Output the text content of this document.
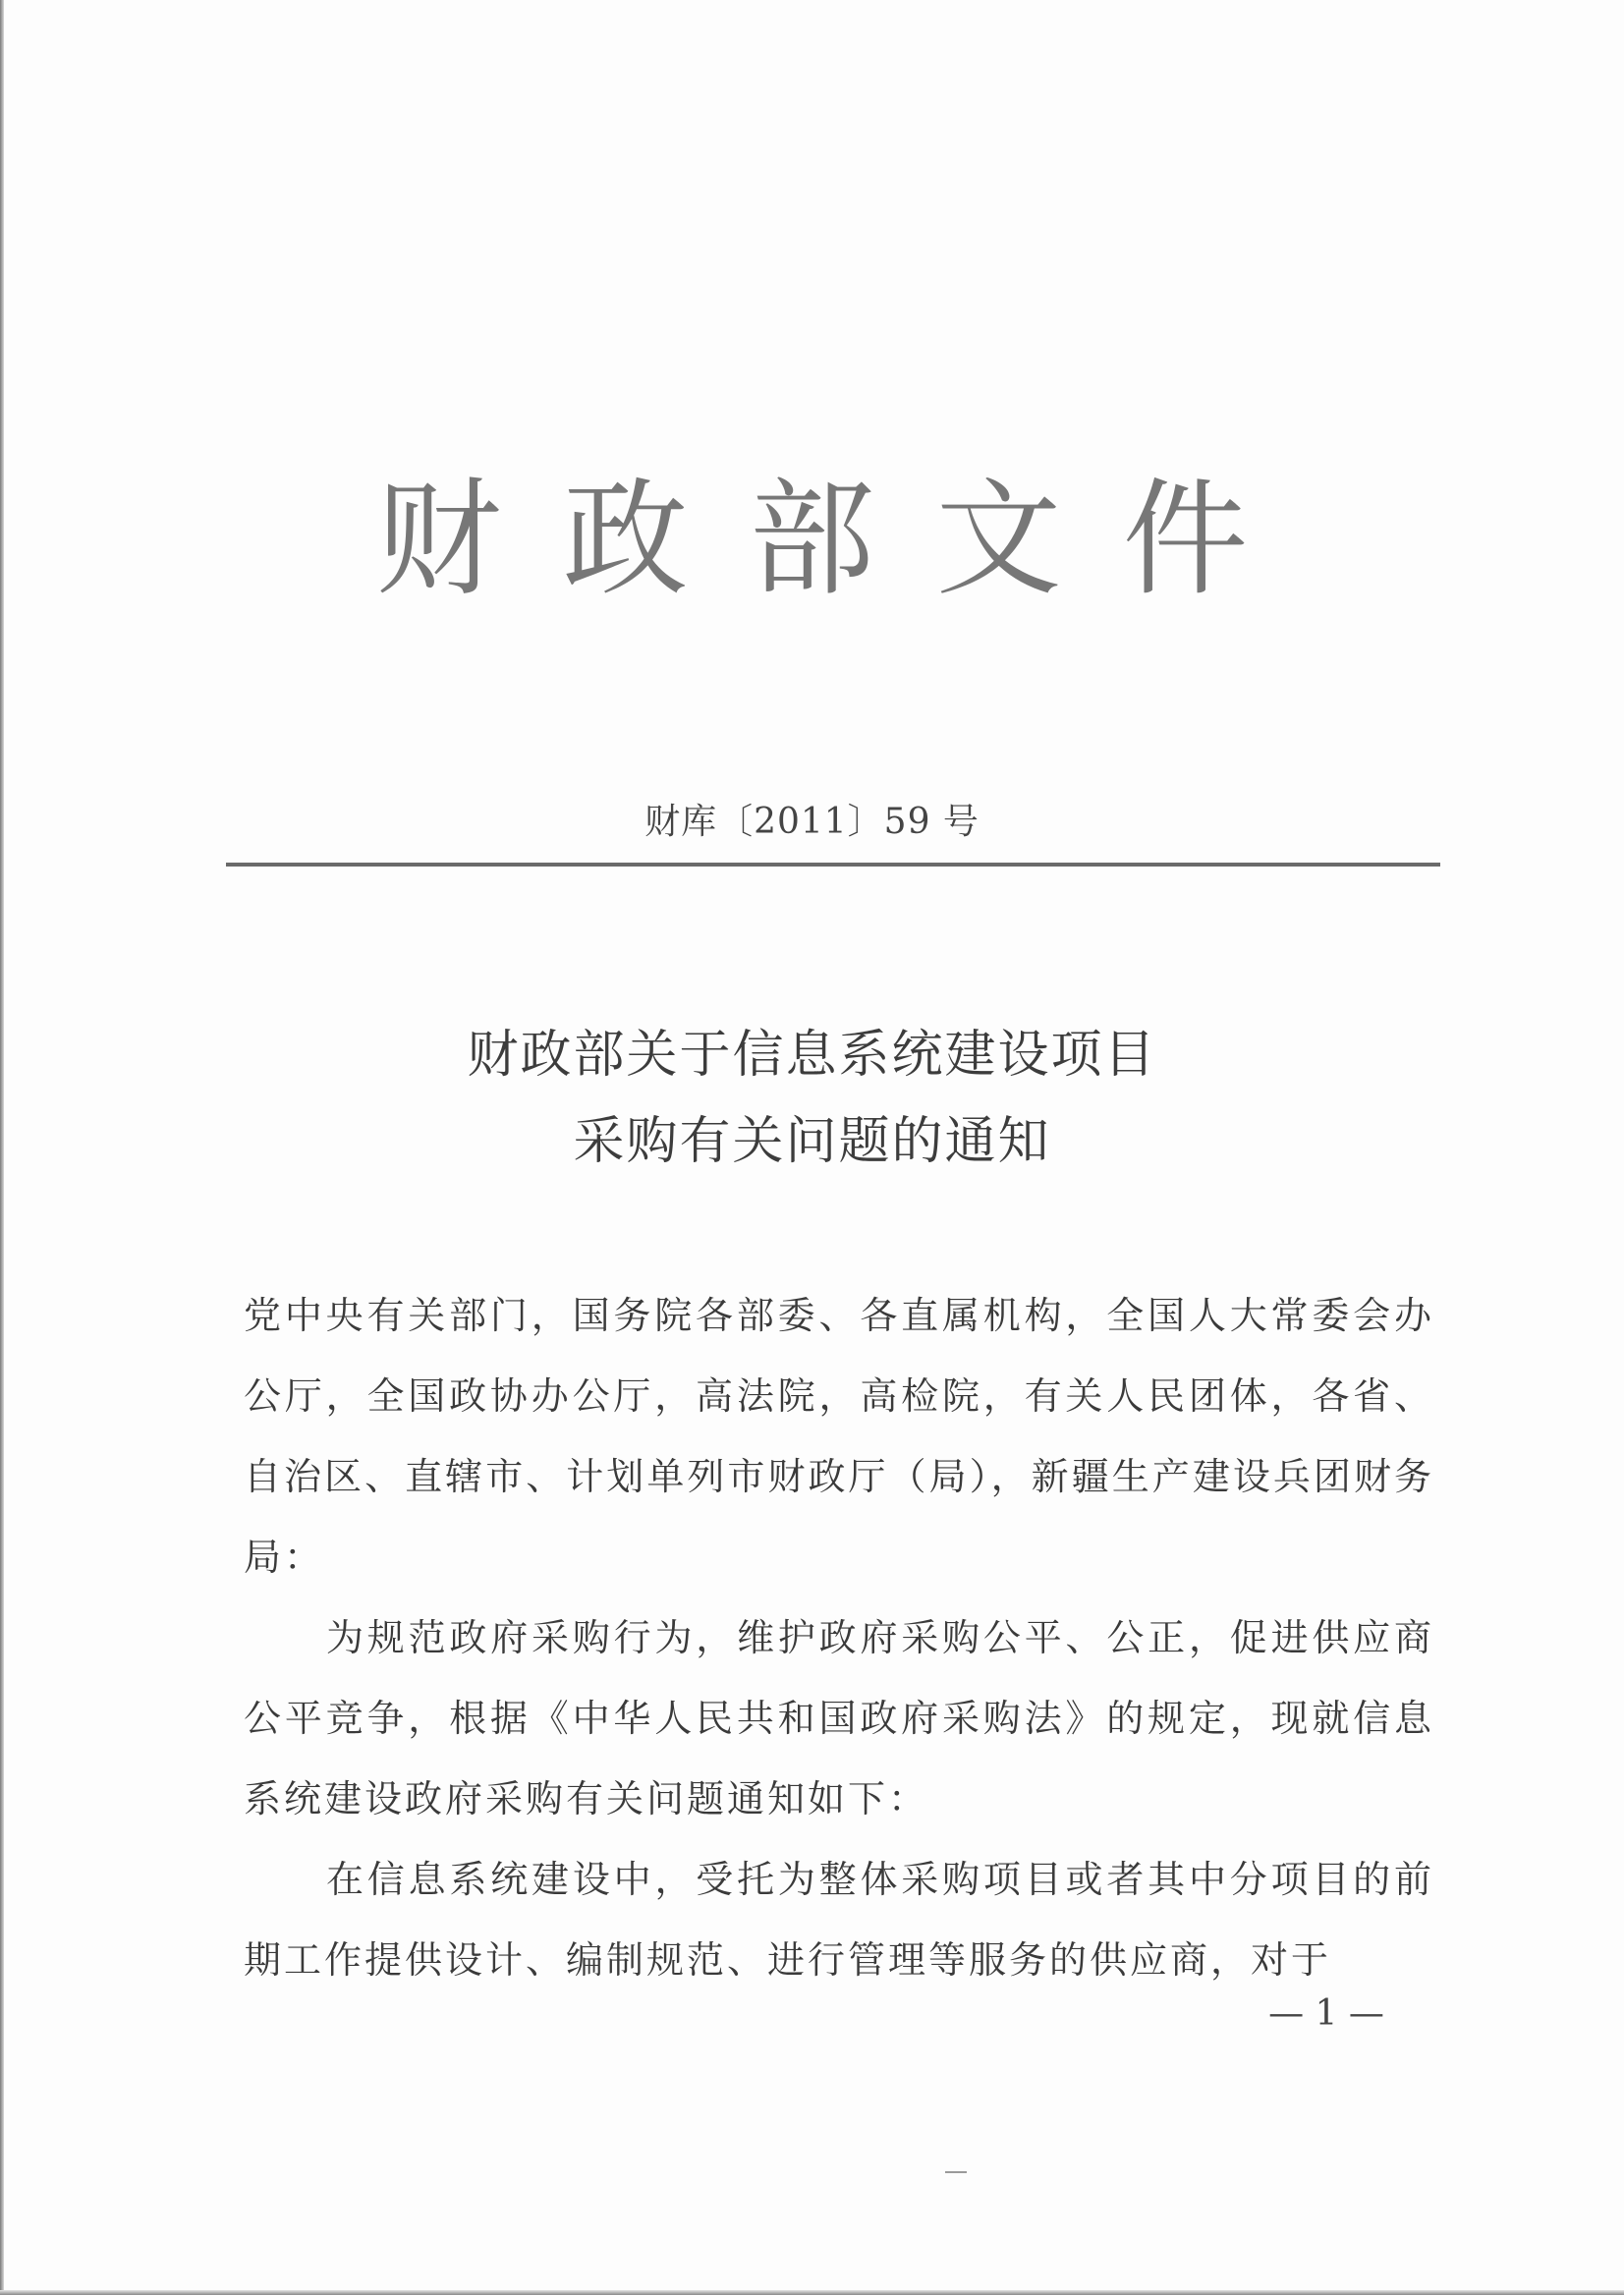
财政部文件
财库〔2011〕59 号
财政部关于信息系统建设项目
采购有关问题的通知

党中央有关部门，国务院各部委、各直属机构，全国人大常委会办公厅，全国政协办公厅，高法院，高检院，有关人民团体，各省、自治区、直辖市、计划单列市财政厅（局），新疆生产建设兵团财务局：

为规范政府采购行为，维护政府采购公平、公正，促进供应商公平竞争，根据《中华人民共和国政府采购法》的规定，现就信息系统建设政府采购有关问题通知如下：

在信息系统建设中，受托为整体采购项目或者其中分项目的前期工作提供设计、编制规范、进行管理等服务的供应商，对于

— 1 —
